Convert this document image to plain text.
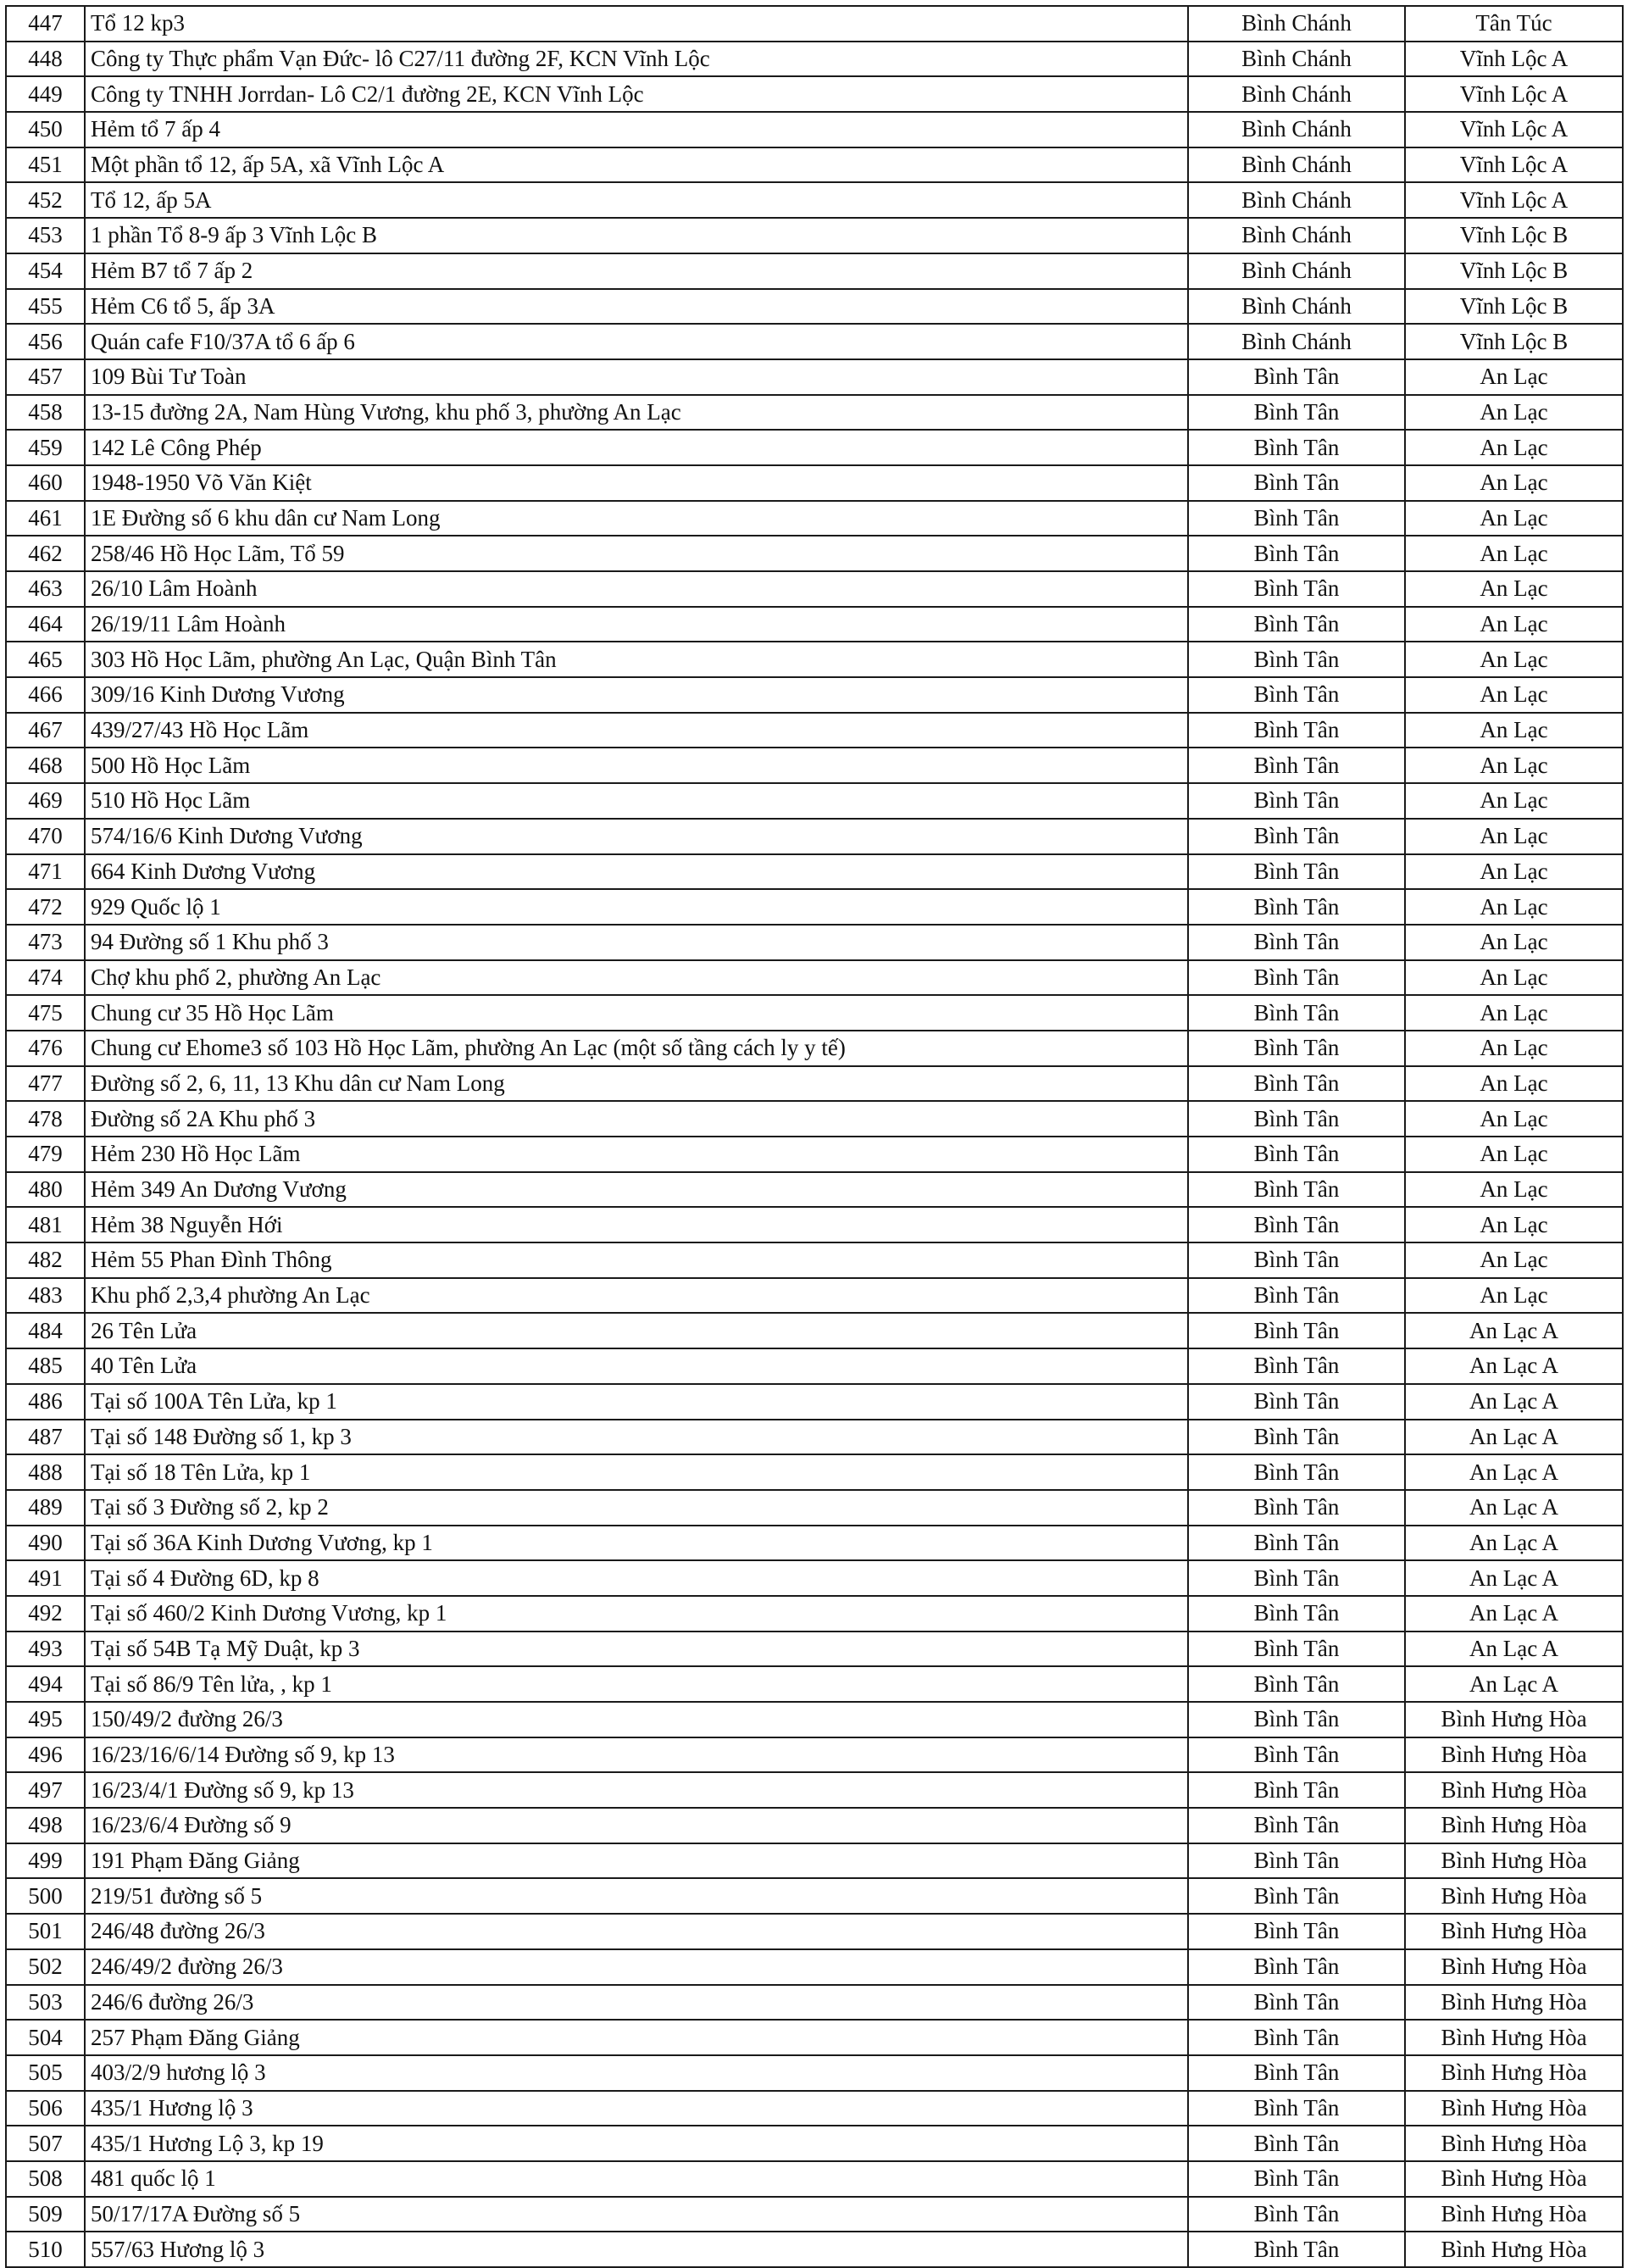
447	Tổ 12 kp3	Bình Chánh	Tân Túc
448	Công ty Thực phẩm Vạn Đức- lô C27/11 đường 2F, KCN Vĩnh Lộc	Bình Chánh	Vĩnh Lộc A
449	Công ty TNHH Jorrdan- Lô C2/1 đường 2E, KCN Vĩnh Lộc	Bình Chánh	Vĩnh Lộc A
450	Hẻm tổ 7 ấp 4	Bình Chánh	Vĩnh Lộc A
451	Một phần tổ 12, ấp 5A, xã Vĩnh Lộc A	Bình Chánh	Vĩnh Lộc A
452	Tổ 12, ấp 5A	Bình Chánh	Vĩnh Lộc A
453	1 phần Tổ 8-9 ấp 3 Vĩnh Lộc B	Bình Chánh	Vĩnh Lộc B
454	Hẻm B7 tổ 7 ấp 2	Bình Chánh	Vĩnh Lộc B
455	Hẻm C6 tổ 5, ấp 3A	Bình Chánh	Vĩnh Lộc B
456	Quán cafe F10/37A tổ 6 ấp 6	Bình Chánh	Vĩnh Lộc B
457	109 Bùi Tư Toàn	Bình Tân	An Lạc
458	13-15 đường 2A, Nam Hùng Vương, khu phố 3, phường An Lạc	Bình Tân	An Lạc
459	142 Lê Công Phép	Bình Tân	An Lạc
460	1948-1950 Võ Văn Kiệt	Bình Tân	An Lạc
461	1E Đường số 6 khu dân cư Nam Long	Bình Tân	An Lạc
462	258/46 Hồ Học Lãm, Tổ 59	Bình Tân	An Lạc
463	26/10 Lâm Hoành	Bình Tân	An Lạc
464	26/19/11 Lâm Hoành	Bình Tân	An Lạc
465	303 Hồ Học Lãm, phường An Lạc, Quận Bình Tân	Bình Tân	An Lạc
466	309/16 Kinh Dương Vương	Bình Tân	An Lạc
467	439/27/43 Hồ Học Lãm	Bình Tân	An Lạc
468	500 Hồ Học Lãm	Bình Tân	An Lạc
469	510 Hồ Học Lãm	Bình Tân	An Lạc
470	574/16/6 Kinh Dương Vương	Bình Tân	An Lạc
471	664 Kinh Dương Vương	Bình Tân	An Lạc
472	929 Quốc lộ 1	Bình Tân	An Lạc
473	94 Đường số 1 Khu phố 3	Bình Tân	An Lạc
474	Chợ khu phố 2, phường An Lạc	Bình Tân	An Lạc
475	Chung cư 35 Hồ Học Lãm	Bình Tân	An Lạc
476	Chung cư Ehome3 số 103 Hồ Học Lãm, phường An Lạc (một số tầng cách ly y tế)	Bình Tân	An Lạc
477	Đường số 2, 6, 11, 13 Khu dân cư Nam Long	Bình Tân	An Lạc
478	Đường số 2A Khu phố 3	Bình Tân	An Lạc
479	Hẻm 230 Hồ Học Lãm	Bình Tân	An Lạc
480	Hẻm 349 An Dương Vương	Bình Tân	An Lạc
481	Hẻm 38 Nguyễn Hới	Bình Tân	An Lạc
482	Hẻm 55 Phan Đình Thông	Bình Tân	An Lạc
483	Khu phố 2,3,4 phường An Lạc	Bình Tân	An Lạc
484	26 Tên Lửa	Bình Tân	An Lạc A
485	40 Tên Lửa	Bình Tân	An Lạc A
486	Tại số 100A Tên Lửa, kp 1	Bình Tân	An Lạc A
487	Tại số 148 Đường số 1, kp 3	Bình Tân	An Lạc A
488	Tại số 18 Tên Lửa, kp 1	Bình Tân	An Lạc A
489	Tại số 3 Đường số 2, kp 2	Bình Tân	An Lạc A
490	Tại số 36A Kinh Dương Vương, kp 1	Bình Tân	An Lạc A
491	Tại số 4 Đường 6D, kp 8	Bình Tân	An Lạc A
492	Tại số 460/2 Kinh Dương Vương, kp 1	Bình Tân	An Lạc A
493	Tại số 54B Tạ Mỹ Duật, kp 3	Bình Tân	An Lạc A
494	Tại số 86/9 Tên lửa, , kp 1	Bình Tân	An Lạc A
495	150/49/2 đường 26/3	Bình Tân	Bình Hưng Hòa
496	16/23/16/6/14 Đường số 9, kp 13	Bình Tân	Bình Hưng Hòa
497	16/23/4/1 Đường số 9, kp 13	Bình Tân	Bình Hưng Hòa
498	16/23/6/4 Đường số 9	Bình Tân	Bình Hưng Hòa
499	191 Phạm Đăng Giảng	Bình Tân	Bình Hưng Hòa
500	219/51 đường số 5	Bình Tân	Bình Hưng Hòa
501	246/48 đường 26/3	Bình Tân	Bình Hưng Hòa
502	246/49/2 đường 26/3	Bình Tân	Bình Hưng Hòa
503	246/6 đường 26/3	Bình Tân	Bình Hưng Hòa
504	257 Phạm Đăng Giảng	Bình Tân	Bình Hưng Hòa
505	403/2/9 hương lộ 3	Bình Tân	Bình Hưng Hòa
506	435/1 Hương lộ 3	Bình Tân	Bình Hưng Hòa
507	435/1 Hương Lộ 3, kp 19	Bình Tân	Bình Hưng Hòa
508	481 quốc lộ 1	Bình Tân	Bình Hưng Hòa
509	50/17/17A Đường số 5	Bình Tân	Bình Hưng Hòa
510	557/63 Hương lộ 3	Bình Tân	Bình Hưng Hòa
